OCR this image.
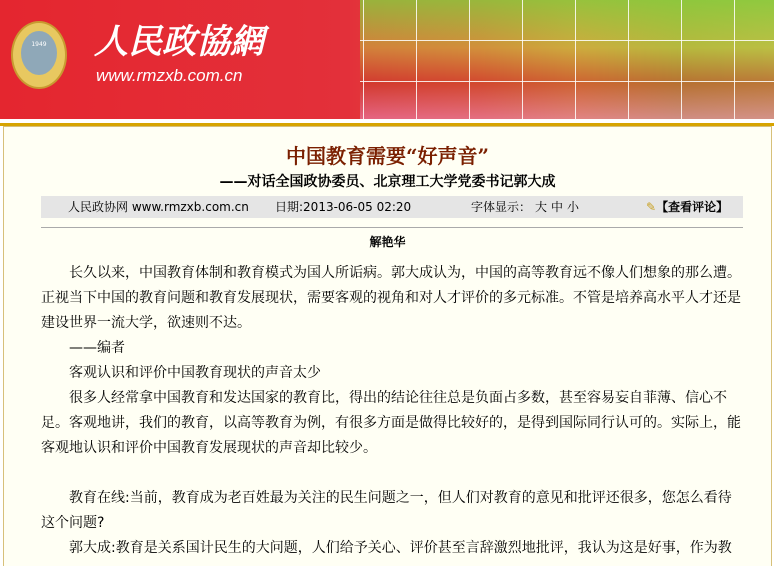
1949	人民政協網
www.rmzxb.com.cn
中国教育需要“好声音”
——对话全国政协委员、北京理工大学党委书记郭大成
人民政协网 www.rmzxb.com.cn 日期:2013-06-05 02:20	字体显示： 大 中 小	✎【查看评论】
解艳华

长久以来，中国教育体制和教育模式为国人所诟病。郭大成认为，中国的高等教育远不像人们想象的那么遭。正视当下中国的教育问题和教育发展现状，需要客观的视角和对人才评价的多元标准。不管是培养高水平人才还是建设世界一流大学，欲速则不达。

——编者

客观认识和评价中国教育现状的声音太少

很多人经常拿中国教育和发达国家的教育比，得出的结论往往总是负面占多数，甚至容易妄自菲薄、信心不足。客观地讲，我们的教育，以高等教育为例，有很多方面是做得比较好的，是得到国际同行认可的。实际上，能客观地认识和评价中国教育发展现状的声音却比较少。

教育在线:当前，教育成为老百姓最为关注的民生问题之一，但人们对教育的意见和批评还很多，您怎么看待这个问题?

郭大成:教育是关系国计民生的大问题，人们给予关心、评价甚至言辞激烈地批评，我认为这是好事，作为教
